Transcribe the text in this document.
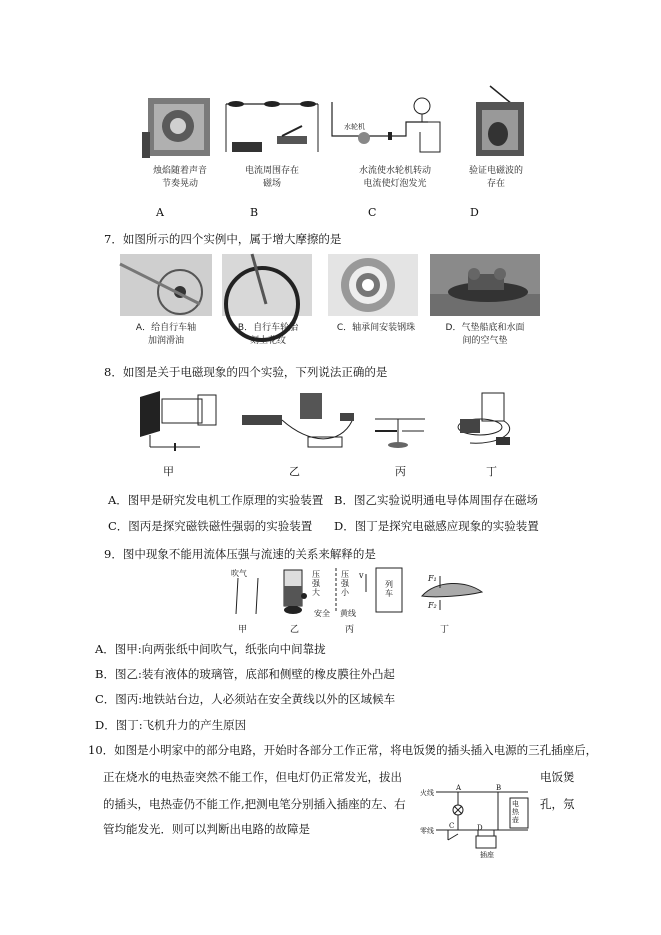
烛焰随着声音
节奏晃动
电流周围存在
磁场
水轮机
水流使水轮机转动
电流使灯泡发光
验证电磁波的
存在
A	B	C	D
7．如图所示的四个实例中，属于增大摩擦的是
A．给自行车轴
加润滑油
B．自行车轮胎
刻上花纹
C．轴承间安装钢珠	D．气垫船底和水面
间的空气垫
8．如图是关于电磁现象的四个实验，下列说法正确的是
甲	乙	丙	丁
A．图甲是研究发电机工作原理的实验装置 B．图乙实验说明通电导体周围存在磁场
C．图丙是探究磁铁磁性强弱的实验装置 D．图丁是探究电磁感应现象的实验装置
9．图中现象不能用流体压强与流速的关系来解释的是
吹气	压强大
压强小
v
列车
安全 黄线
F₁
F₂
甲	乙	丙	丁
A．图甲:向两张纸中间吹气，纸张向中间靠拢
B．图乙:装有液体的玻璃管，底部和侧壁的橡皮膜往外凸起
C．图丙:地铁站台边，人必须站在安全黄线以外的区域候车
D．图丁:飞机升力的产生原因
10．如图是小明家中的部分电路，开始时各部分工作正常，将电饭煲的插头插入电源的三孔插座后，
正在烧水的电热壶突然不能工作，但电灯仍正常发光，拔出	电饭煲
的插头，电热壶仍不能工作,把测电笔分别插入插座的左、右	孔，氖
管均能发光．则可以判断出电路的故障是
火线
零线
A	B
C	D
电热壶
插座
